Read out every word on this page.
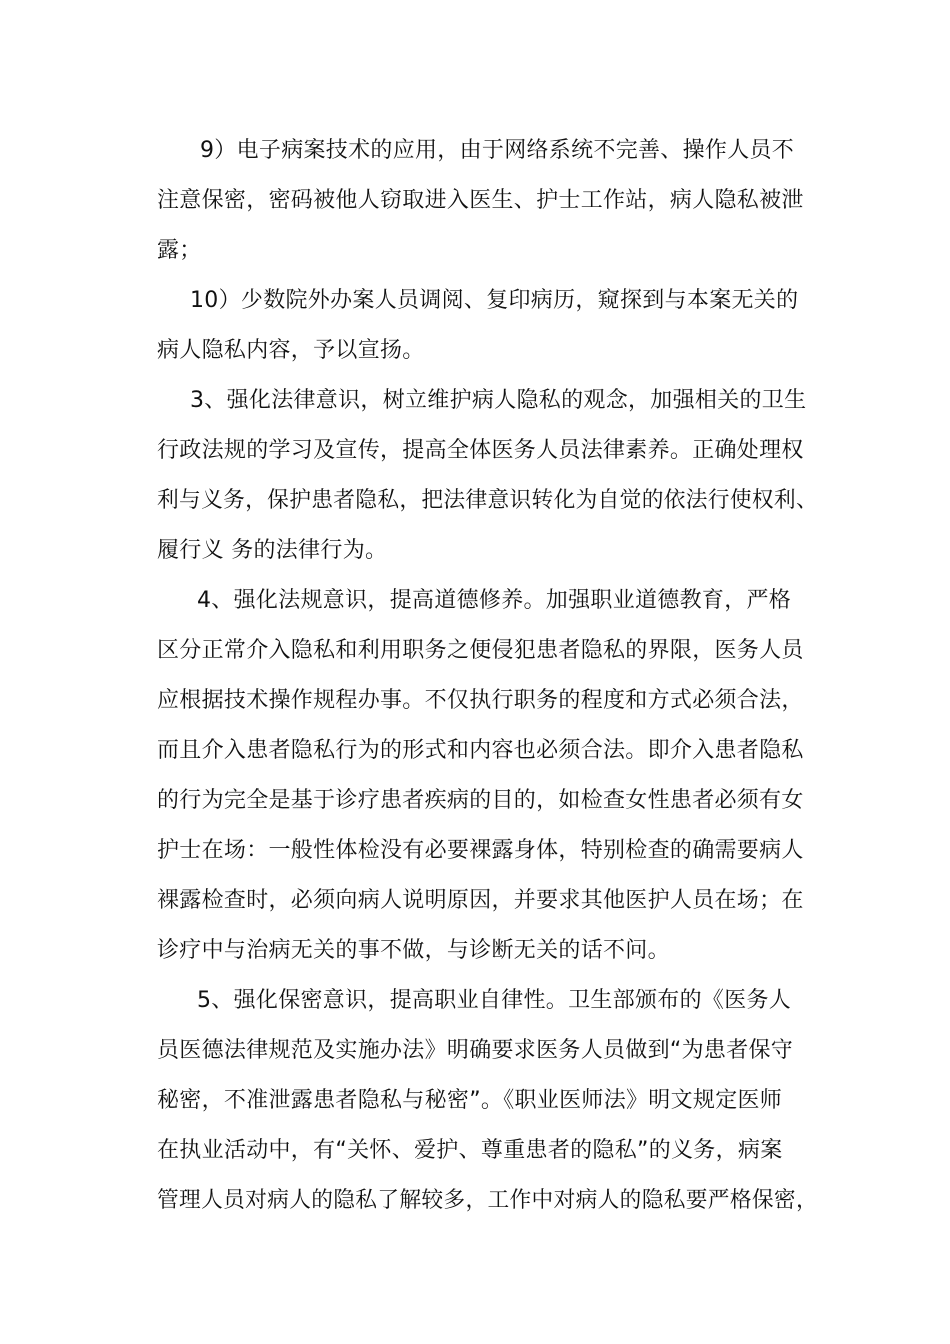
9）电子病案技术的应用，由于网络系统不完善、操作人员不
注意保密，密码被他人窃取进入医生、护士工作站，病人隐私被泄
露；
10）少数院外办案人员调阅、复印病历，窥探到与本案无关的
病人隐私内容，予以宣扬。
3、强化法律意识，树立维护病人隐私的观念，加强相关的卫生
行政法规的学习及宣传，提高全体医务人员法律素养。正确处理权
利与义务，保护患者隐私，把法律意识转化为自觉的依法行使权利、
履行义 务的法律行为。
4、强化法规意识，提高道德修养。加强职业道德教育，严格
区分正常介入隐私和利用职务之便侵犯患者隐私的界限，医务人员
应根据技术操作规程办事。不仅执行职务的程度和方式必须合法，
而且介入患者隐私行为的形式和内容也必须合法。即介入患者隐私
的行为完全是基于诊疗患者疾病的目的，如检查女性患者必须有女
护士在场：一般性体检没有必要裸露身体，特别检查的确需要病人
裸露检查时，必须向病人说明原因，并要求其他医护人员在场；在
诊疗中与治病无关的事不做，与诊断无关的话不问。
5、强化保密意识，提高职业自律性。卫生部颁布的《医务人
员医德法律规范及实施办法》明确要求医务人员做到“为患者保守
秘密，不准泄露患者隐私与秘密”。《职业医师法》明文规定医师
在执业活动中，有“关怀、爱护、尊重患者的隐私”的义务，病案
管理人员对病人的隐私了解较多，工作中对病人的隐私要严格保密，
